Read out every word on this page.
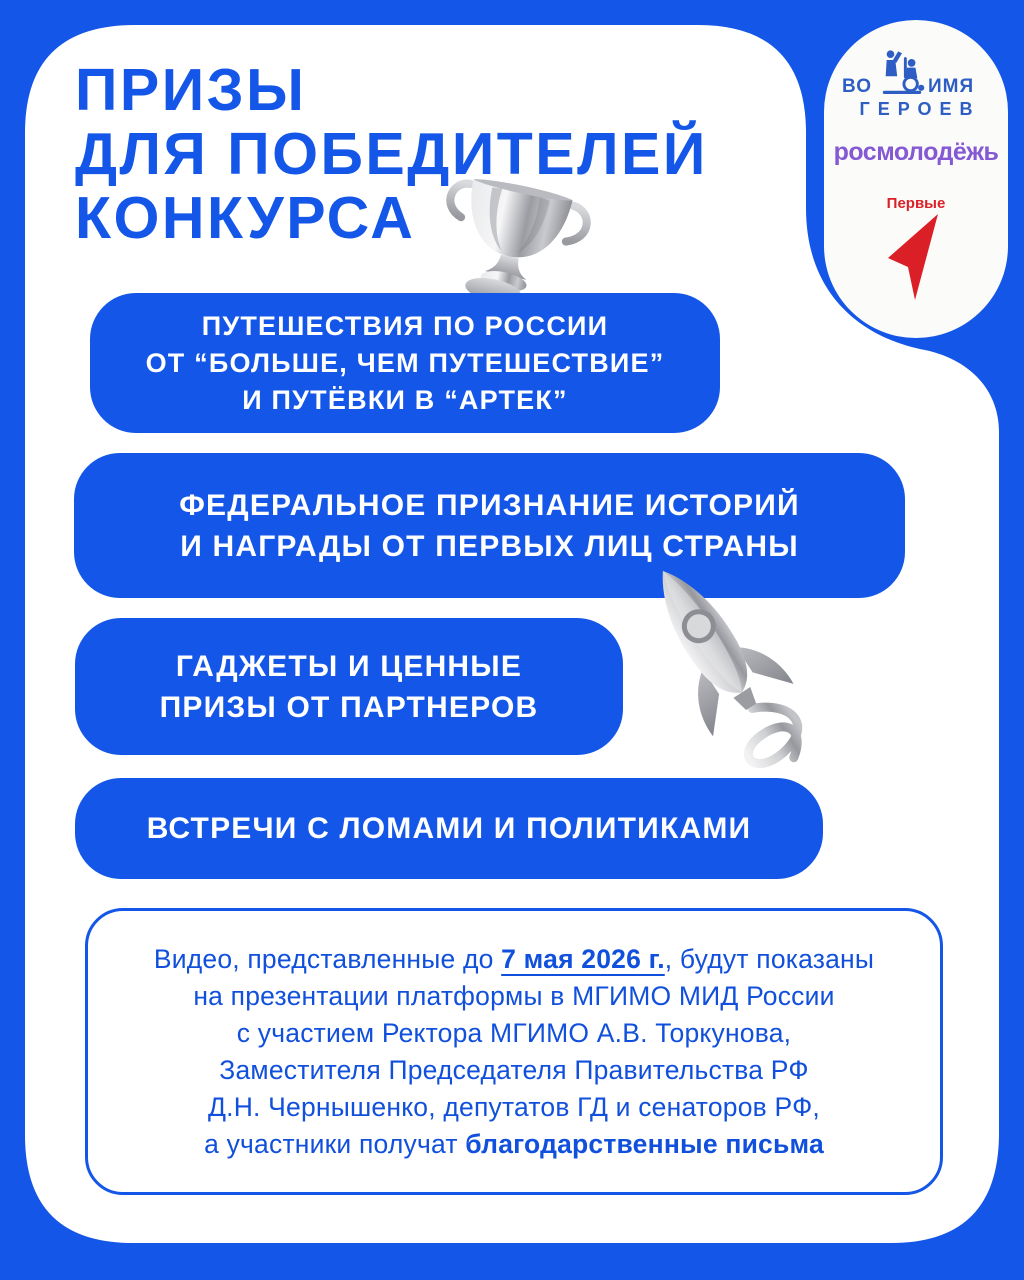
ПРИЗЫ
ДЛЯ ПОБЕДИТЕЛЕЙ
КОНКУРСА
ПУТЕШЕСТВИЯ ПО РОССИИ
ОТ “БОЛЬШЕ, ЧЕМ ПУТЕШЕСТВИЕ”
И ПУТЁВКИ В “АРТЕК”
ФЕДЕРАЛЬНОЕ ПРИЗНАНИЕ ИСТОРИЙ
И НАГРАДЫ ОТ ПЕРВЫХ ЛИЦ СТРАНЫ
ГАДЖЕТЫ И ЦЕННЫЕ
ПРИЗЫ ОТ ПАРТНЕРОВ
ВСТРЕЧИ С ЛОМАМИ И ПОЛИТИКАМИ
ВО	ИМЯ
ГЕРОЕВ
росмолодёжь
Первые
Видео, представленные до 7 мая 2026 г., будут показаны
на презентации платформы в МГИМО МИД России
с участием Ректора МГИМО А.В. Торкунова,
Заместителя Председателя Правительства РФ
Д.Н. Чернышенко, депутатов ГД и сенаторов РФ,
а участники получат благодарственные письма
